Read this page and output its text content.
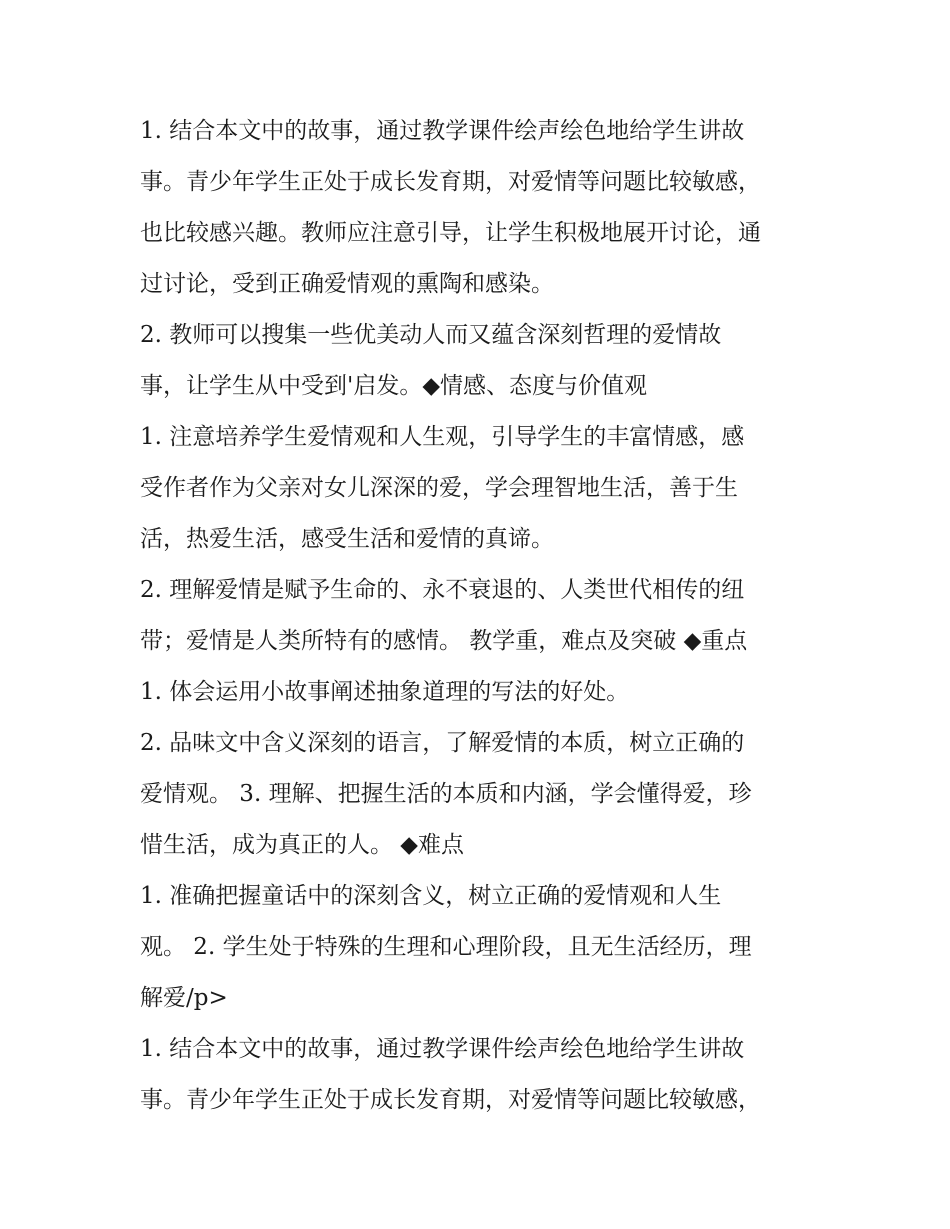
1. 结合本文中的故事，通过教学课件绘声绘色地给学生讲故
事。青少年学生正处于成长发育期，对爱情等问题比较敏感，
也比较感兴趣。教师应注意引导，让学生积极地展开讨论，通
过讨论，受到正确爱情观的熏陶和感染。
2. 教师可以搜集一些优美动人而又蕴含深刻哲理的爱情故
事，让学生从中受到'启发。◆情感、态度与价值观
1. 注意培养学生爱情观和人生观，引导学生的丰富情感，感
受作者作为父亲对女儿深深的爱，学会理智地生活，善于生
活，热爱生活，感受生活和爱情的真谛。
2. 理解爱情是赋予生命的、永不衰退的、人类世代相传的纽
带；爱情是人类所特有的感情。 教学重，难点及突破 ◆重点
1. 体会运用小故事阐述抽象道理的写法的好处。
2. 品味文中含义深刻的语言，了解爱情的本质，树立正确的
爱情观。 3. 理解、把握生活的本质和内涵，学会懂得爱，珍
惜生活，成为真正的人。 ◆难点
1. 准确把握童话中的深刻含义，树立正确的爱情观和人生
观。 2. 学生处于特殊的生理和心理阶段，且无生活经历，理
解爱/p>
1. 结合本文中的故事，通过教学课件绘声绘色地给学生讲故
事。青少年学生正处于成长发育期，对爱情等问题比较敏感，
